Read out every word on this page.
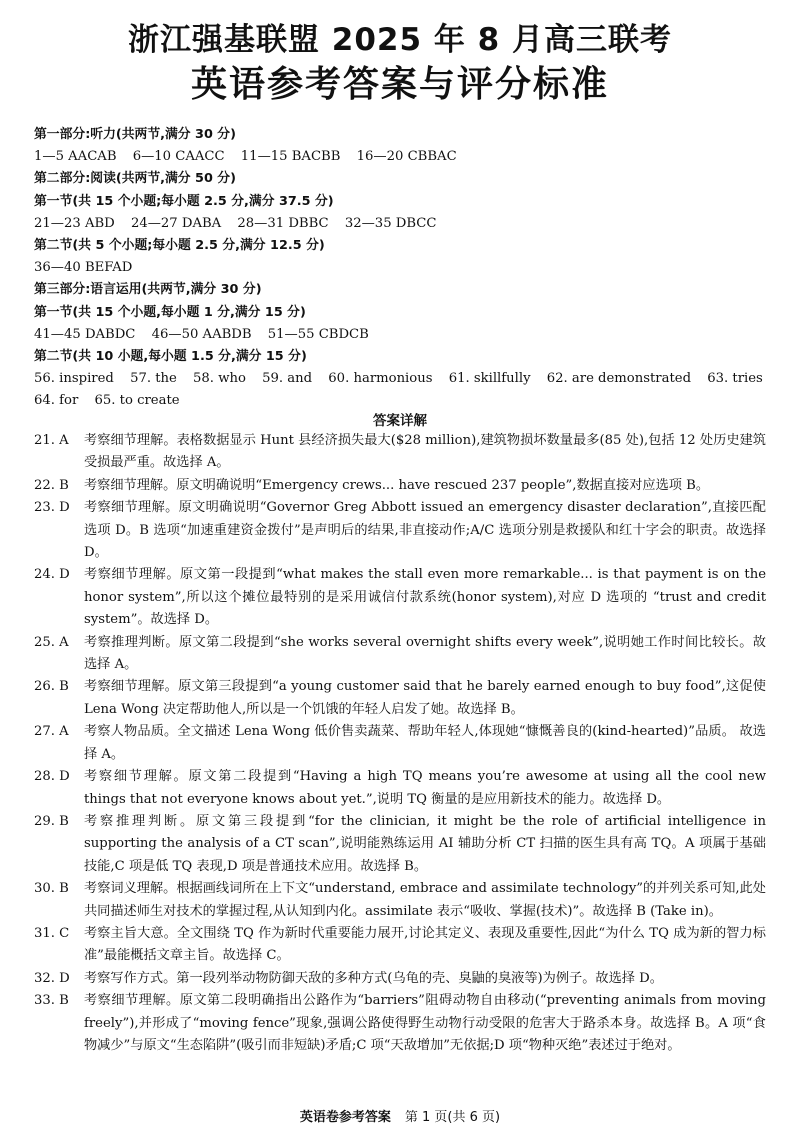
浙江强基联盟 2025 年 8 月高三联考
英语参考答案与评分标准
第一部分:听力(共两节,满分 30 分)
1—5 AACAB 6—10 CAACC 11—15 BACBB 16—20 CBBAC
第二部分:阅读(共两节,满分 50 分)
第一节(共 15 个小题;每小题 2.5 分,满分 37.5 分)
21—23 ABD 24—27 DABA 28—31 DBBC 32—35 DBCC
第二节(共 5 个小题;每小题 2.5 分,满分 12.5 分)
36—40 BEFAD
第三部分:语言运用(共两节,满分 30 分)
第一节(共 15 个小题,每小题 1 分,满分 15 分)
41—45 DABDC 46—50 AABDB 51—55 CBDCB
第二节(共 10 小题,每小题 1.5 分,满分 15 分)
56. inspired 57. the 58. who 59. and 60. harmonious 61. skillfully 62. are demonstrated 63. tries
64. for 65. to create
答案详解
21. A	考察细节理解。表格数据显示 Hunt 县经济损失最大($28 million),建筑物损坏数量最多(85 处),包括 12 处历史建筑受损最严重。故选择 A。
22. B	考察细节理解。原文明确说明“Emergency crews... have rescued 237 people”,数据直接对应选项 B。
23. D	考察细节理解。原文明确说明“Governor Greg Abbott issued an emergency disaster declaration”,直接匹配选项 D。B 选项“加速重建资金拨付”是声明后的结果,非直接动作;A/C 选项分别是救援队和红十字会的职责。故选择 D。
24. D	考察细节理解。原文第一段提到“what makes the stall even more remarkable... is that payment is on the honor system”,所以这个摊位最特别的是采用诚信付款系统(honor system),对应 D 选项的 “trust and credit system”。故选择 D。
25. A	考察推理判断。原文第二段提到“she works several overnight shifts every week”,说明她工作时间比较长。故选择 A。
26. B	考察细节理解。原文第三段提到“a young customer said that he barely earned enough to buy food”,这促使 Lena Wong 决定帮助他人,所以是一个饥饿的年轻人启发了她。故选择 B。
27. A	考察人物品质。全文描述 Lena Wong 低价售卖蔬菜、帮助年轻人,体现她“慷慨善良的(kind-hearted)”品质。 故选择 A。
28. D	考察细节理解。原文第二段提到“Having a high TQ means you’re awesome at using all the cool new things that not everyone knows about yet.”,说明 TQ 衡量的是应用新技术的能力。故选择 D。
29. B	考察推理判断。原文第三段提到“for the clinician, it might be the role of artificial intelligence in supporting the analysis of a CT scan”,说明能熟练运用 AI 辅助分析 CT 扫描的医生具有高 TQ。A 项属于基础技能,C 项是低 TQ 表现,D 项是普通技术应用。故选择 B。
30. B	考察词义理解。根据画线词所在上下文“understand, embrace and assimilate technology”的并列关系可知,此处共同描述师生对技术的掌握过程,从认知到内化。assimilate 表示“吸收、掌握(技术)”。故选择 B (Take in)。
31. C	考察主旨大意。全文围绕 TQ 作为新时代重要能力展开,讨论其定义、表现及重要性,因此“为什么 TQ 成为新的智力标准”最能概括文章主旨。故选择 C。
32. D	考察写作方式。第一段列举动物防御天敌的多种方式(乌龟的壳、臭鼬的臭液等)为例子。故选择 D。
33. B	考察细节理解。原文第二段明确指出公路作为“barriers”阻碍动物自由移动(“preventing animals from moving freely”),并形成了“moving fence”现象,强调公路使得野生动物行动受限的危害大于路杀本身。故选择 B。A 项“食物减少”与原文“生态陷阱”(吸引而非短缺)矛盾;C 项“天敌增加”无依据;D 项“物种灭绝”表述过于绝对。
英语卷参考答案 第 1 页(共 6 页)
